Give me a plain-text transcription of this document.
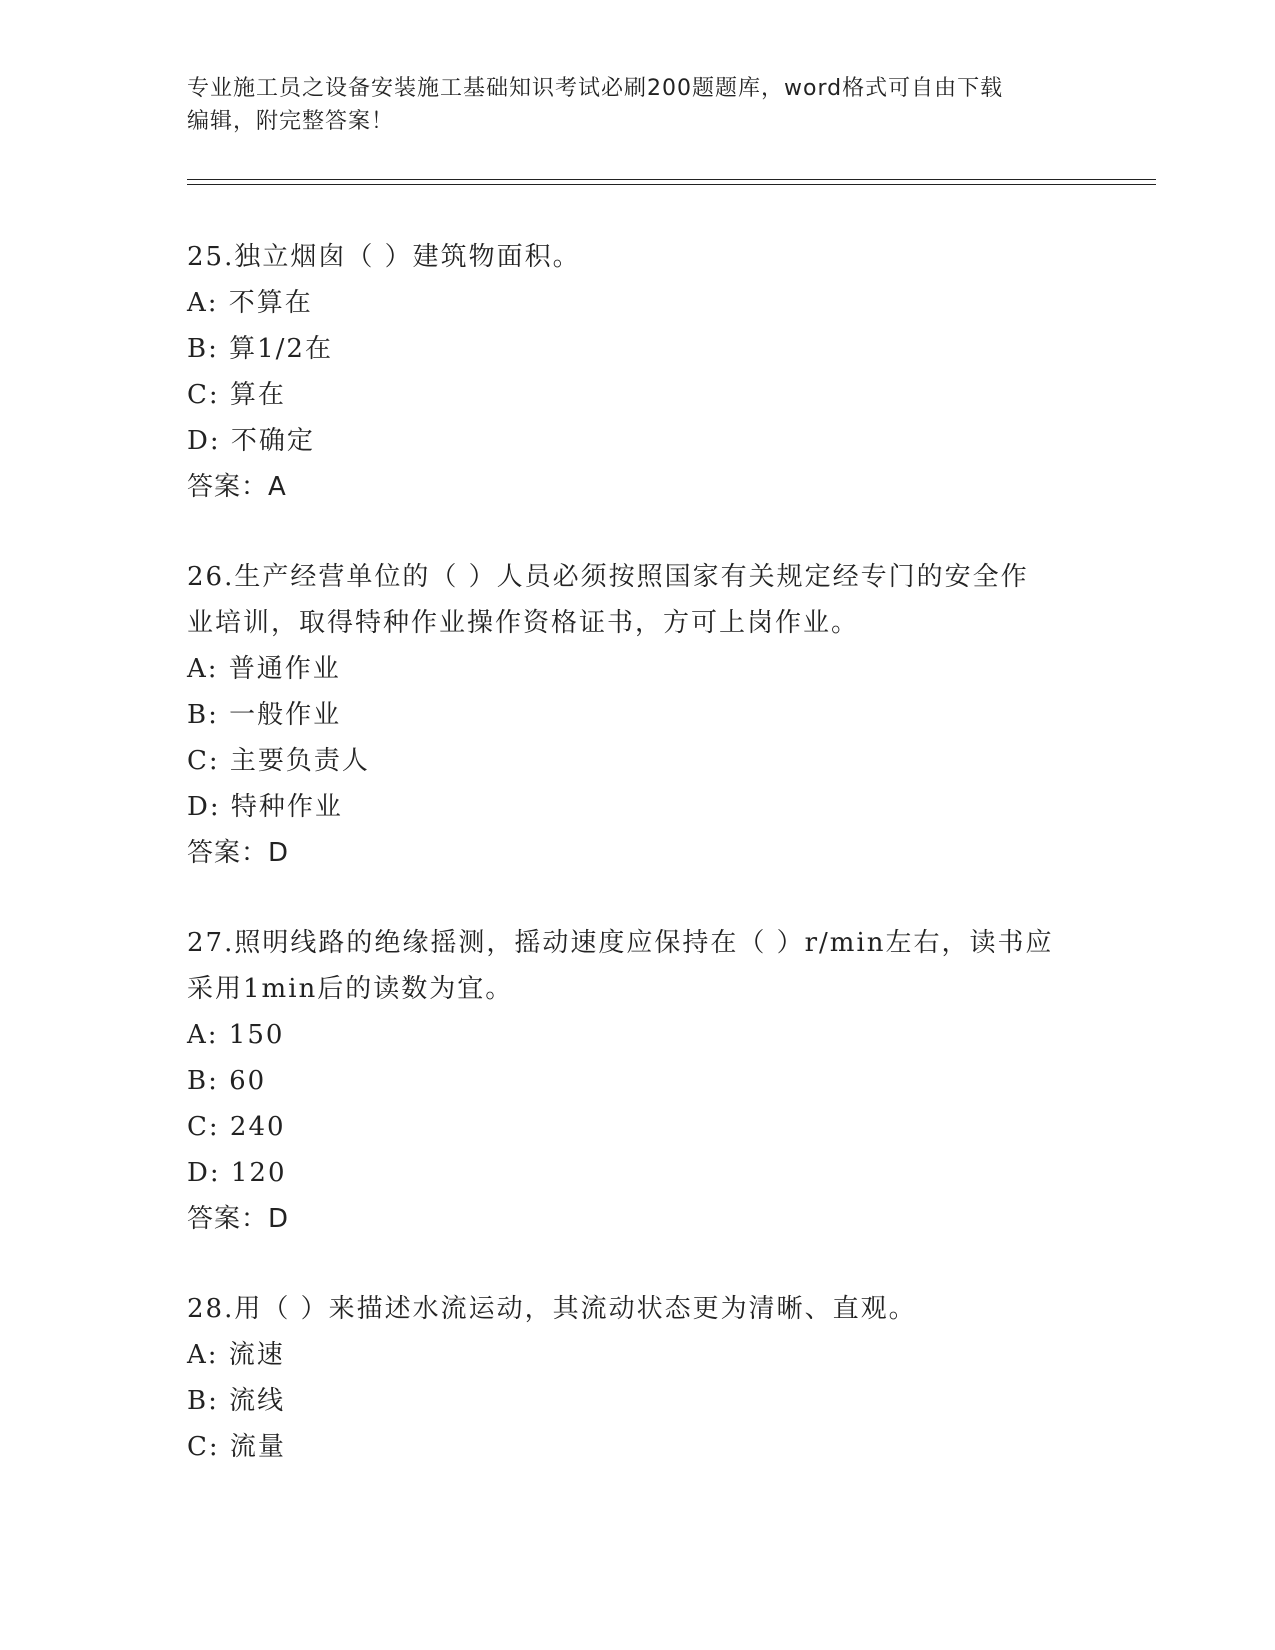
专业施工员之设备安装施工基础知识考试必刷200题题库，word格式可自由下载
编辑，附完整答案！
25.独立烟囱（ ）建筑物面积。
A: 不算在
B: 算1/2在
C: 算在
D: 不确定
答案：A
26.生产经营单位的（ ）人员必须按照国家有关规定经专门的安全作
业培训，取得特种作业操作资格证书，方可上岗作业。
A: 普通作业
B: 一般作业
C: 主要负责人
D: 特种作业
答案：D
27.照明线路的绝缘摇测，摇动速度应保持在（ ）r/min左右，读书应
采用1min后的读数为宜。
A: 150
B: 60
C: 240
D: 120
答案：D
28.用（ ）来描述水流运动，其流动状态更为清晰、直观。
A: 流速
B: 流线
C: 流量
